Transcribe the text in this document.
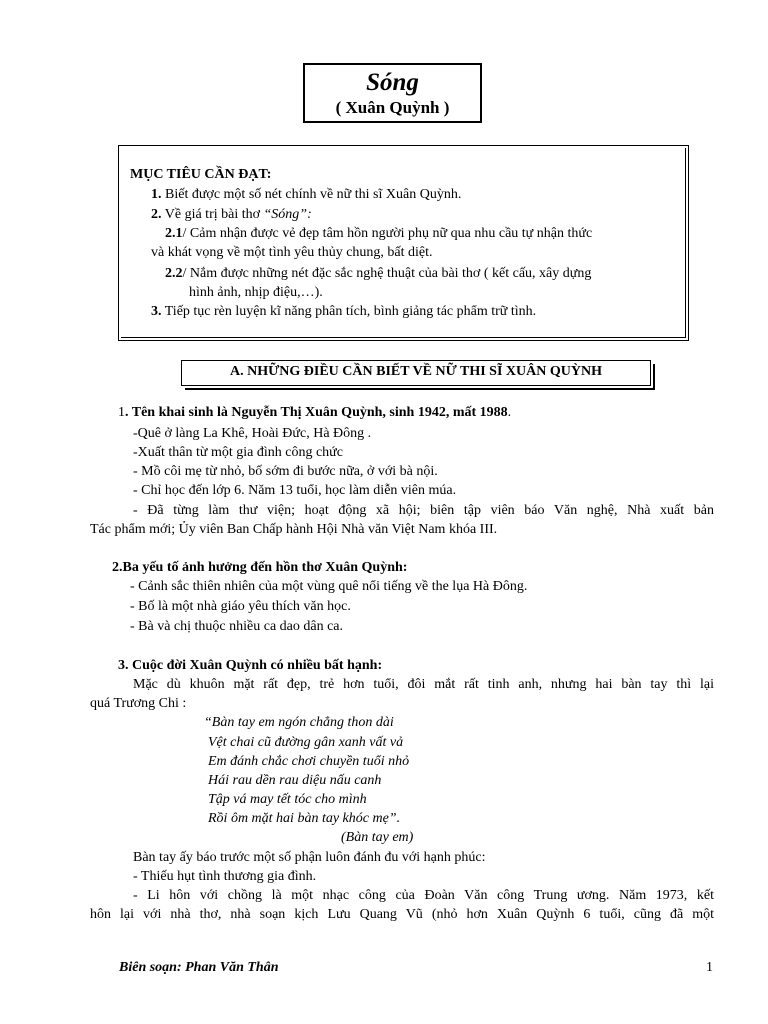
Sóng
( Xuân Quỳnh )
MỤC TIÊU CẦN ĐẠT:
1. Biết được một số nét chính về nữ thi sĩ Xuân Quỳnh.
2. Về giá trị bài thơ “Sóng”:
2.1/ Cảm nhận được vẻ đẹp tâm hồn người phụ nữ qua nhu cầu tự nhận thức
và khát vọng về một tình yêu thủy chung, bất diệt.
2.2/ Nắm được những nét đặc sắc nghệ thuật của bài thơ ( kết cấu, xây dựng
hình ảnh, nhịp điệu,…).
3. Tiếp tục rèn luyện kĩ năng phân tích, bình giảng tác phẩm trữ tình.
A. NHỮNG ĐIỀU CẦN BIẾT VỀ NỮ THI SĨ XUÂN QUỲNH
1. Tên khai sinh là Nguyễn Thị Xuân Quỳnh, sinh 1942, mất 1988.
-Quê ở làng La Khê, Hoài Đức, Hà Đông .
-Xuất thân từ một gia đình công chức
- Mồ côi mẹ từ nhỏ, bố sớm đi bước nữa, ở với bà nội.
- Chỉ học đến lớp 6. Năm 13 tuổi, học làm diễn viên múa.
- Đã từng làm thư viện; hoạt động xã hội; biên tập viên báo Văn nghệ, Nhà xuất bản
Tác phẩm mới; Ủy viên Ban Chấp hành Hội Nhà văn Việt Nam khóa III.
2.Ba yếu tố ảnh hưởng đến hồn thơ Xuân Quỳnh:
- Cảnh sắc thiên nhiên của một vùng quê nổi tiếng về the lụa Hà Đông.
- Bố là một nhà giáo yêu thích văn học.
- Bà và chị thuộc nhiều ca dao dân ca.
3. Cuộc đời Xuân Quỳnh có nhiều bất hạnh:
Mặc dù khuôn mặt rất đẹp, trẻ hơn tuổi, đôi mắt rất tinh anh, nhưng hai bàn tay thì lại
quá Trương Chi :
“Bàn tay em ngón chẳng thon dài
Vệt chai cũ đường gân xanh vất vả
Em đánh chắc chơi chuyền tuổi nhỏ
Hái rau dền rau diệu nấu canh
Tập vá may tết tóc cho mình
Rồi ôm mặt hai bàn tay khóc mẹ”.
(Bàn tay em)
Bàn tay ấy báo trước một số phận luôn đánh đu với hạnh phúc:
- Thiếu hụt tình thương gia đình.
- Li hôn với chồng là một nhạc công của Đoàn Văn công Trung ương. Năm 1973, kết
hôn lại với nhà thơ, nhà soạn kịch Lưu Quang Vũ (nhỏ hơn Xuân Quỳnh 6 tuổi, cũng đã một
Biên soạn: Phan Văn Thân	1
